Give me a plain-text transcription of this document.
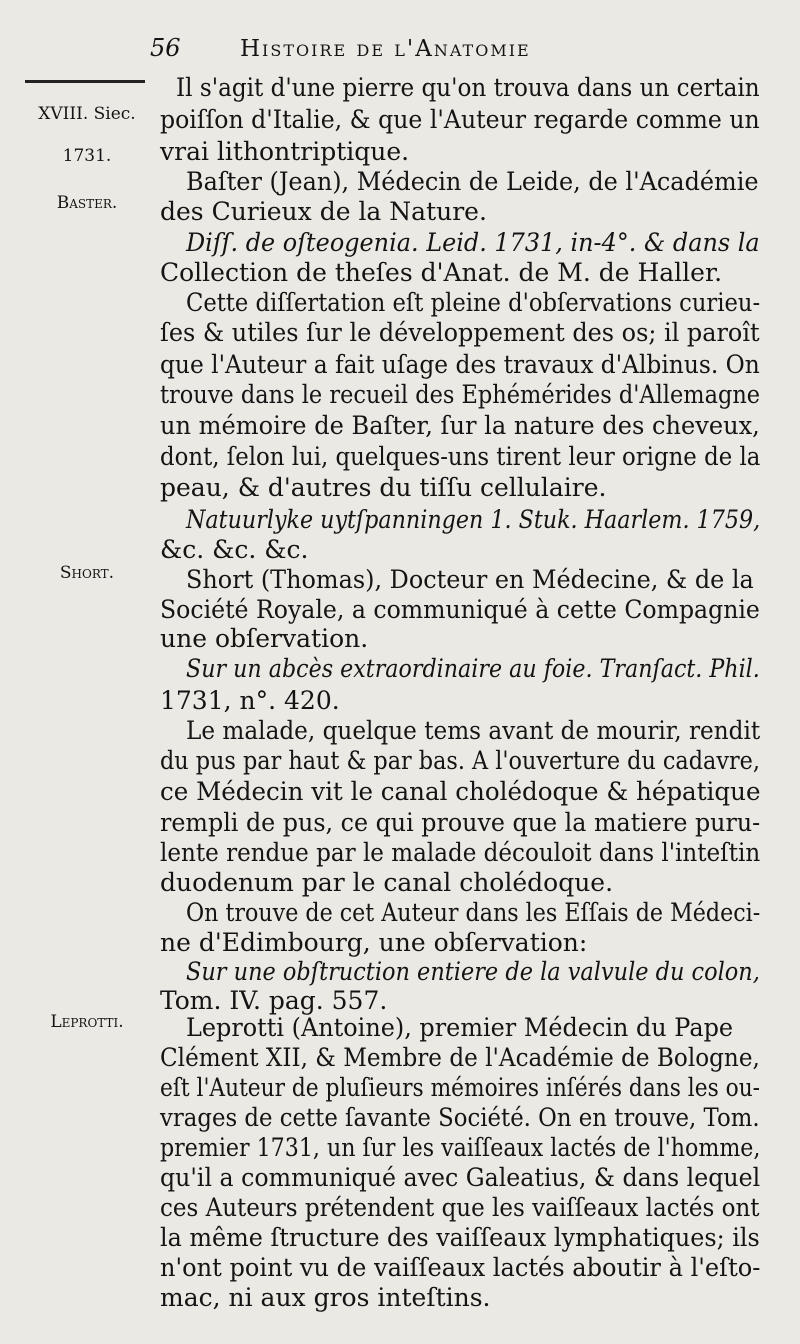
56	Histoire de l'Anatomie
XVIII. Siec.
1731.
Baster.
Short.
Leprotti.
Il s'agit d'une pierre qu'on trouva dans un certain
poiſſon d'Italie, & que l'Auteur regarde comme un
vrai lithontriptique.
Baſter (Jean), Médecin de Leide, de l'Académie
des Curieux de la Nature.
Diſſ. de oſteogenia. Leid. 1731, in-4°. & dans la
Collection de theſes d'Anat. de M. de Haller.
Cette diſſertation eſt pleine d'obſervations curieu-
ſes & utiles ſur le développement des os; il paroît
que l'Auteur a fait uſage des travaux d'Albinus. On
trouve dans le recueil des Ephémérides d'Allemagne
un mémoire de Baſter, ſur la nature des cheveux,
dont, ſelon lui, quelques-uns tirent leur origne de la
peau, & d'autres du tiſſu cellulaire.
Natuurlyke uytſpanningen 1. Stuk. Haarlem. 1759,
&c. &c. &c.
Short (Thomas), Docteur en Médecine, & de la
Société Royale, a communiqué à cette Compagnie
une obſervation.
Sur un abcès extraordinaire au foie. Tranſact. Phil.
1731, n°. 420.
Le malade, quelque tems avant de mourir, rendit
du pus par haut & par bas. A l'ouverture du cadavre,
ce Médecin vit le canal cholédoque & hépatique
rempli de pus, ce qui prouve que la matiere puru-
lente rendue par le malade découloit dans l'inteſtin
duodenum par le canal cholédoque.
On trouve de cet Auteur dans les Eſſais de Médeci-
ne d'Edimbourg, une obſervation:
Sur une obſtruction entiere de la valvule du colon,
Tom. IV. pag. 557.
Leprotti (Antoine), premier Médecin du Pape
Clément XII, & Membre de l'Académie de Bologne,
eſt l'Auteur de pluſieurs mémoires inſérés dans les ou-
vrages de cette ſavante Société. On en trouve, Tom.
premier 1731, un ſur les vaiſſeaux lactés de l'homme,
qu'il a communiqué avec Galeatius, & dans lequel
ces Auteurs prétendent que les vaiſſeaux lactés ont
la même ſtructure des vaiſſeaux lymphatiques; ils
n'ont point vu de vaiſſeaux lactés aboutir à l'eſto-
mac, ni aux gros inteſtins.
